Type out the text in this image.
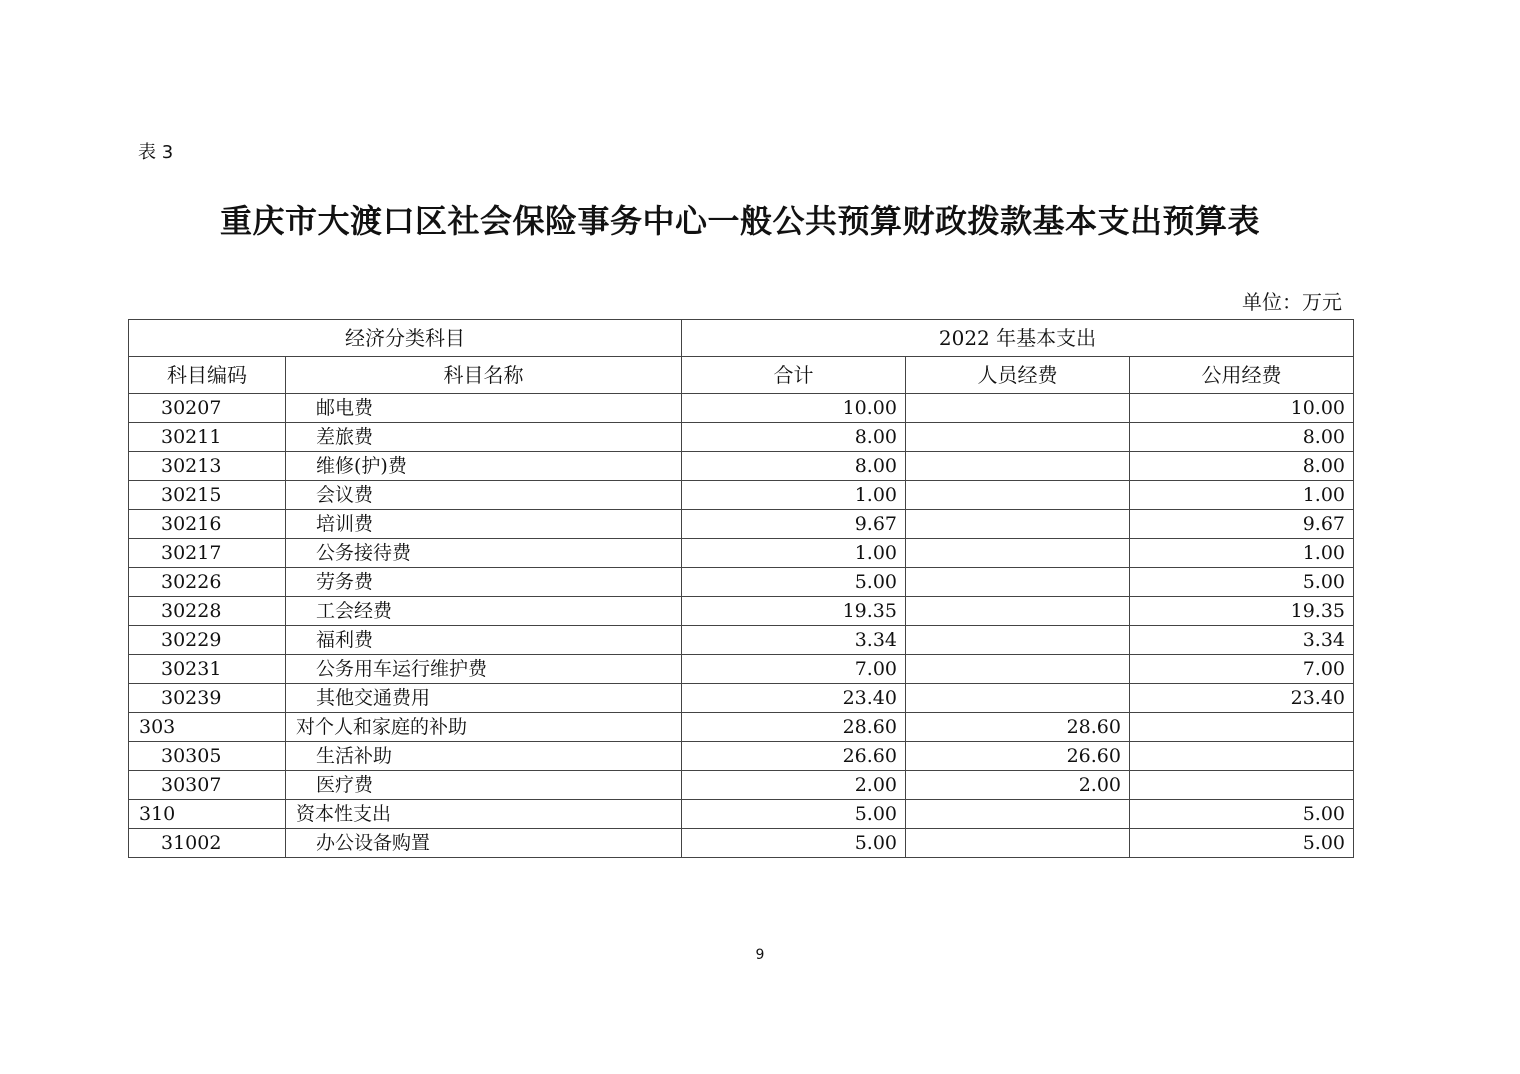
表 3
重庆市大渡口区社会保险事务中心一般公共预算财政拨款基本支出预算表
单位：万元
经济分类科目		2022 年基本支出		
科目编码	科目名称	合计	人员经费	公用经费
30207	邮电费	10.00		10.00
30211	差旅费	8.00		8.00
30213	维修(护)费	8.00		8.00
30215	会议费	1.00		1.00
30216	培训费	9.67		9.67
30217	公务接待费	1.00		1.00
30226	劳务费	5.00		5.00
30228	工会经费	19.35		19.35
30229	福利费	3.34		3.34
30231	公务用车运行维护费	7.00		7.00
30239	其他交通费用	23.40		23.40
303	对个人和家庭的补助	28.60	28.60	
30305	生活补助	26.60	26.60	
30307	医疗费	2.00	2.00	
310	资本性支出	5.00		5.00
31002	办公设备购置	5.00		5.00
9
